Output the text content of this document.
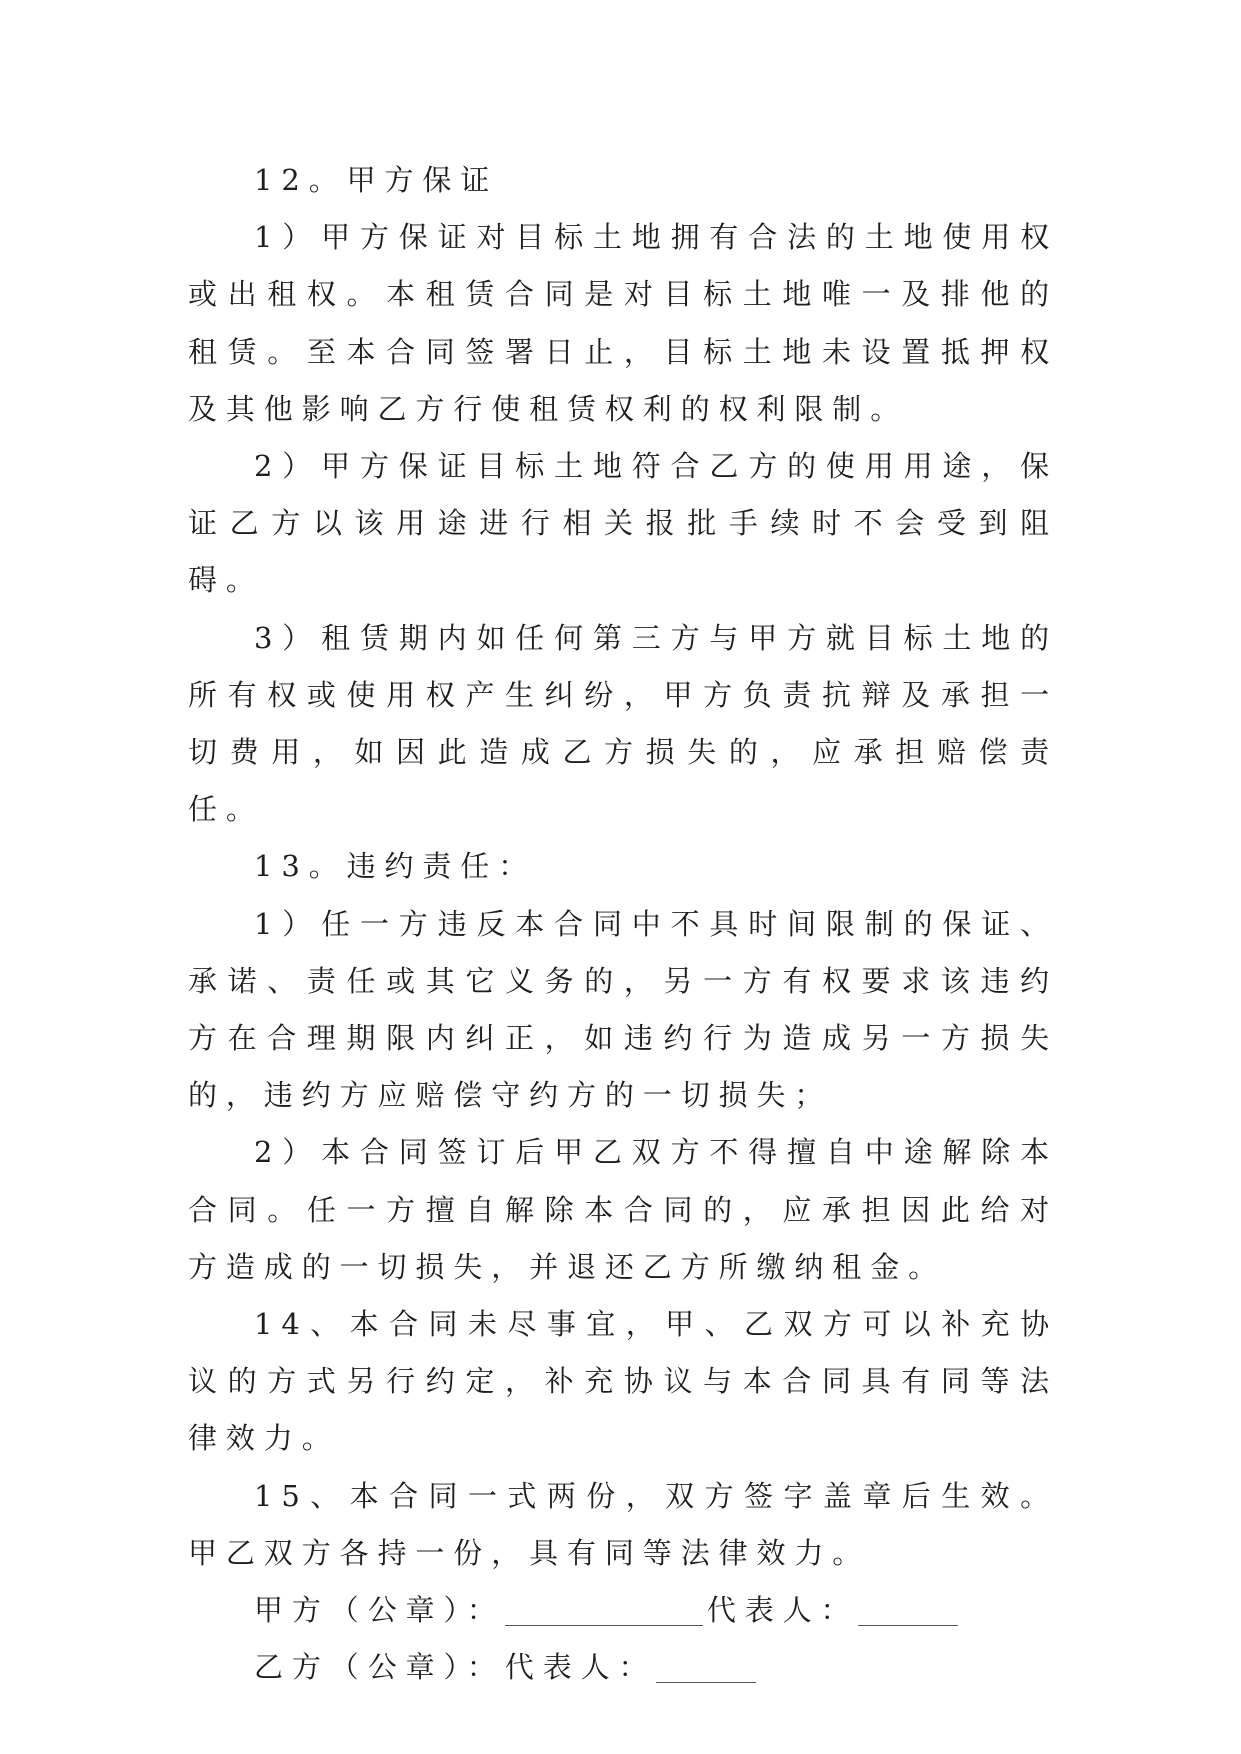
12。甲方保证

1）甲方保证对目标土地拥有合法的土地使用权或出租权。本租赁合同是对目标土地唯一及排他的租赁。至本合同签署日止，目标土地未设置抵押权及其他影响乙方行使租赁权利的权利限制。

2）甲方保证目标土地符合乙方的使用用途，保证乙方以该用途进行相关报批手续时不会受到阻碍。

3）租赁期内如任何第三方与甲方就目标土地的所有权或使用权产生纠纷，甲方负责抗辩及承担一切费用，如因此造成乙方损失的，应承担赔偿责任。

13。违约责任：

1）任一方违反本合同中不具时间限制的保证、承诺、责任或其它义务的，另一方有权要求该违约方在合理期限内纠正，如违约行为造成另一方损失的，违约方应赔偿守约方的一切损失；

2）本合同签订后甲乙双方不得擅自中途解除本合同。任一方擅自解除本合同的，应承担因此给对方造成的一切损失，并退还乙方所缴纳租金。

14、本合同未尽事宜，甲、乙双方可以补充协议的方式另行约定，补充协议与本合同具有同等法律效力。

15、本合同一式两份，双方签字盖章后生效。甲乙双方各持一份，具有同等法律效力。

甲方（公章）：	代表人：

乙方（公章）：代表人：
